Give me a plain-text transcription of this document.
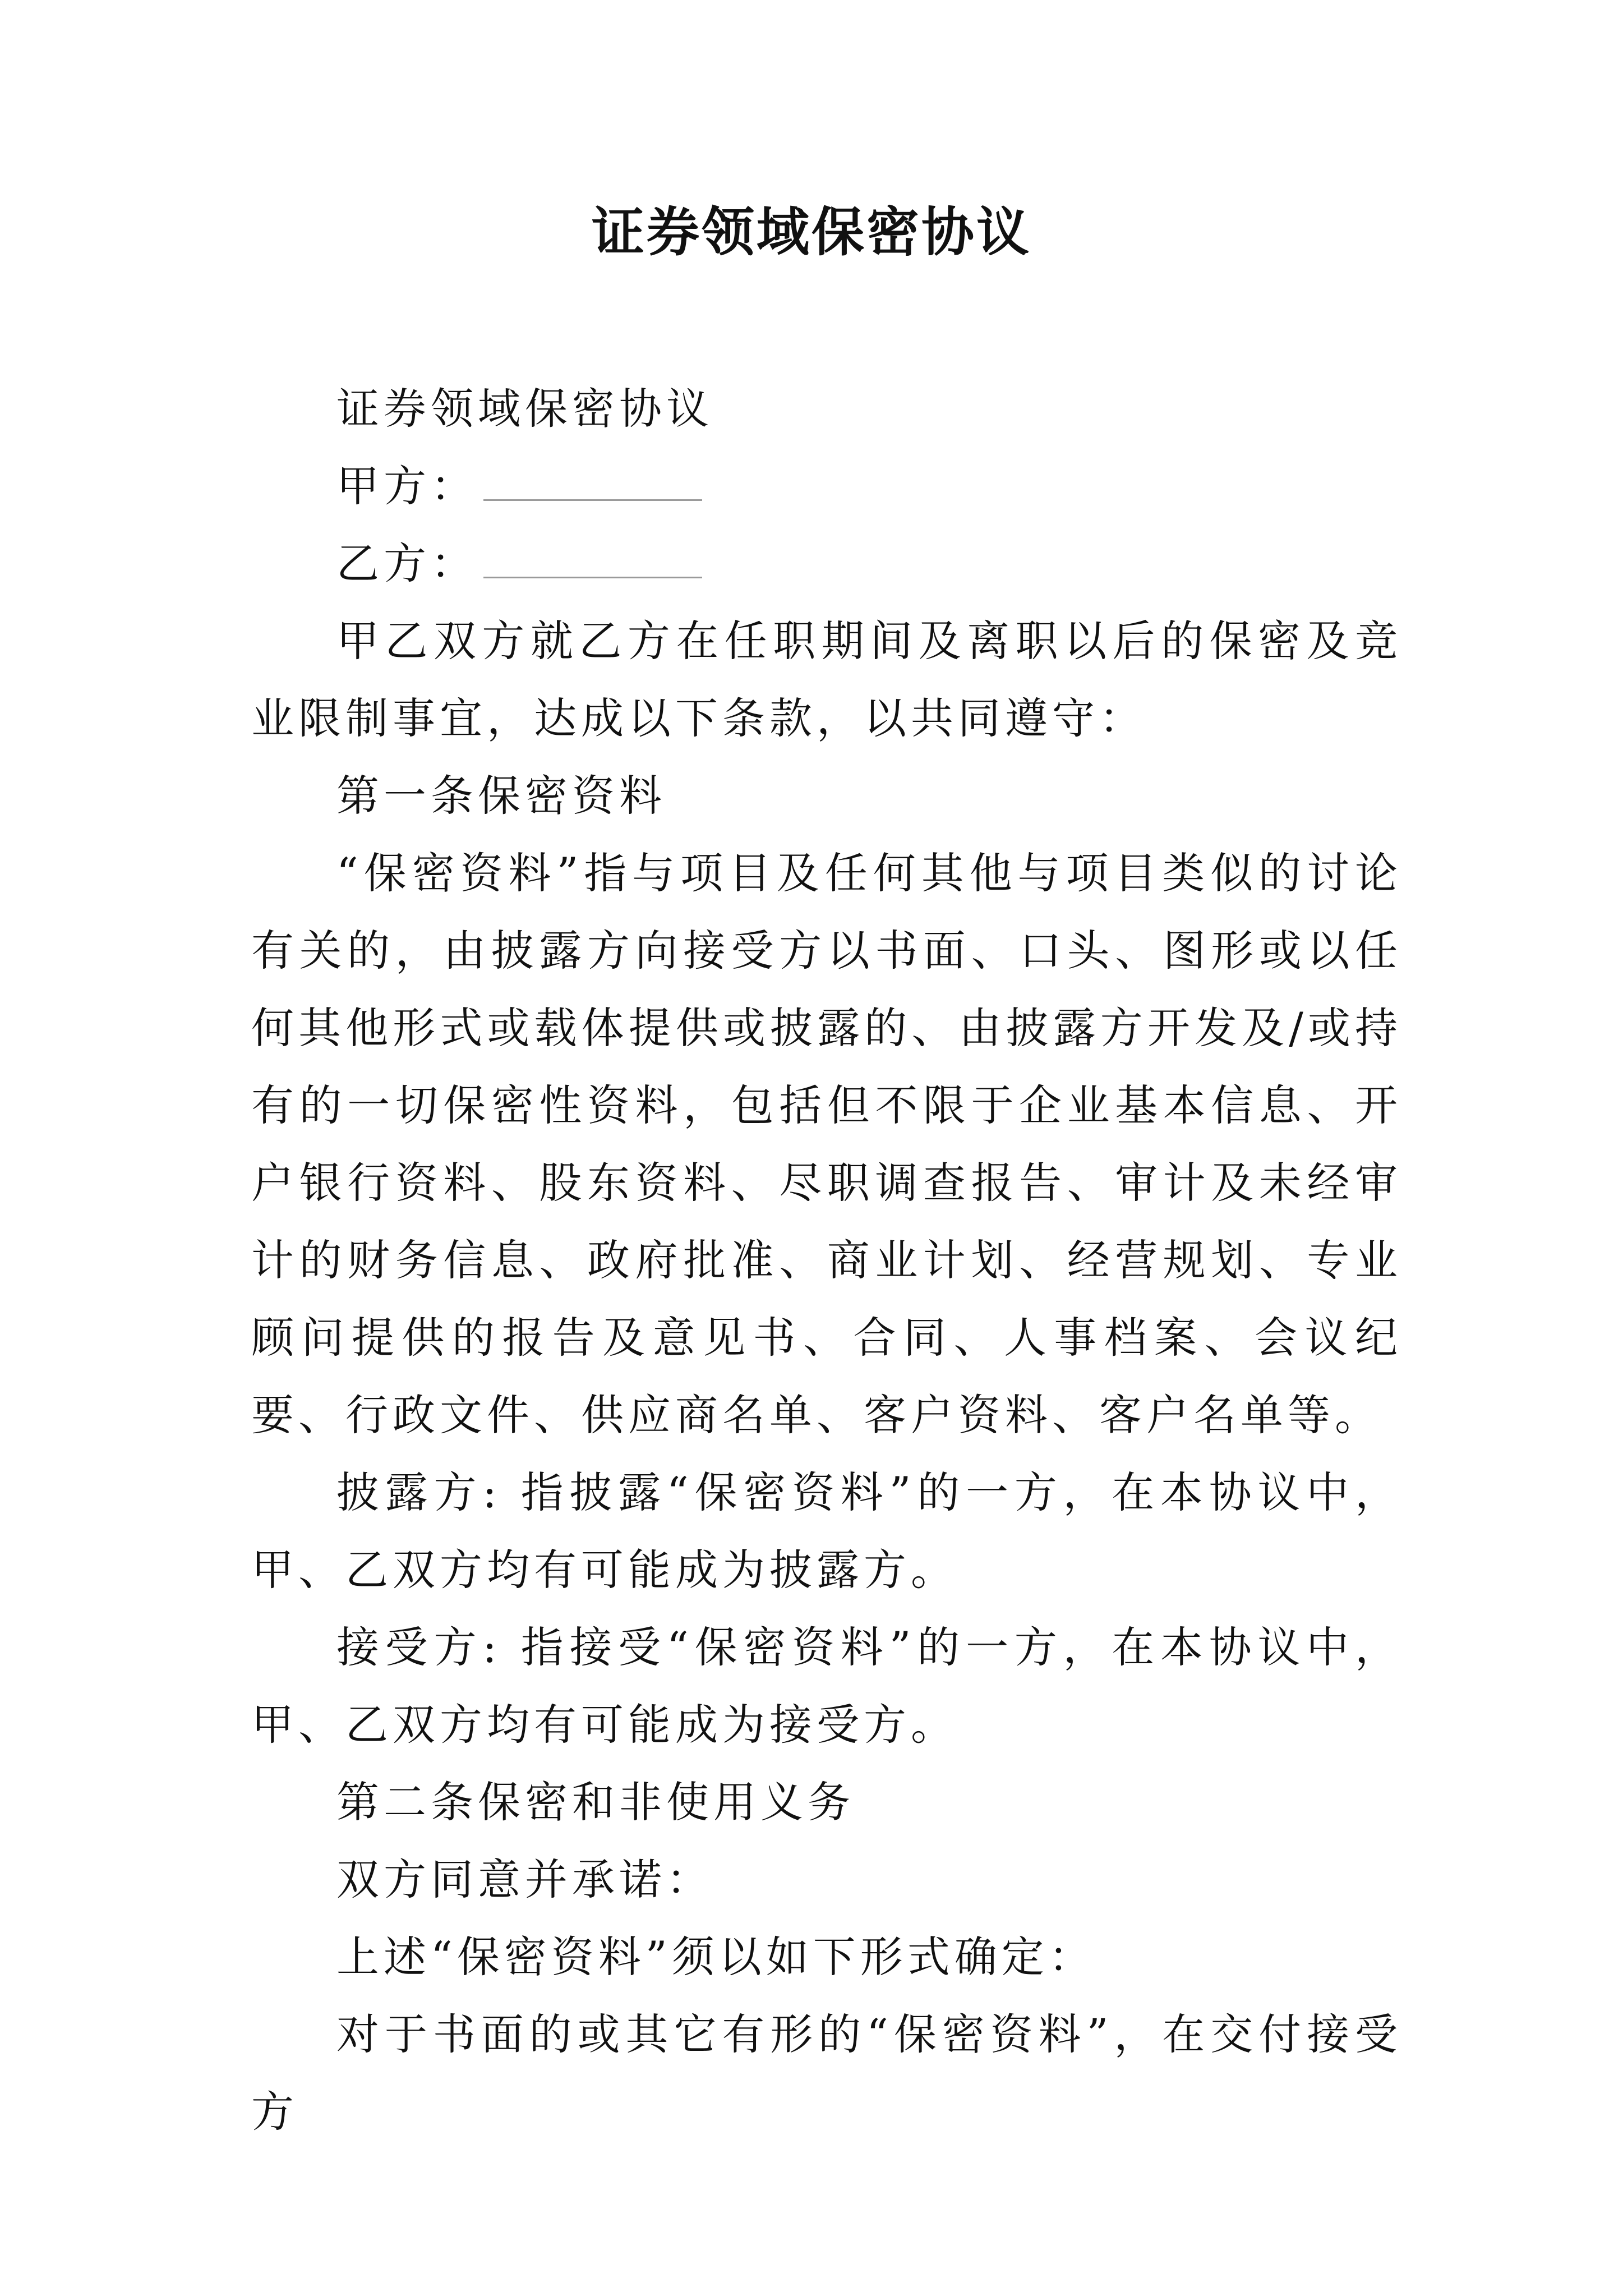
证券领域保密协议

证券领域保密协议

甲方：

乙方：

甲乙双方就乙方在任职期间及离职以后的保密及竞业限制事宜，达成以下条款，以共同遵守：

第一条保密资料

“保密资料”指与项目及任何其他与项目类似的讨论有关的，由披露方向接受方以书面、口头、图形或以任何其他形式或载体提供或披露的、由披露方开发及/或持有的一切保密性资料，包括但不限于企业基本信息、开户银行资料、股东资料、尽职调查报告、审计及未经审计的财务信息、政府批准、商业计划、经营规划、专业顾问提供的报告及意见书、合同、人事档案、会议纪要、行政文件、供应商名单、客户资料、客户名单等。

披露方: 指披露“保密资料”的一方，在本协议中，甲、乙双方均有可能成为披露方。

接受方: 指接受“保密资料”的一方，在本协议中，甲、乙双方均有可能成为接受方。

第二条保密和非使用义务

双方同意并承诺：

上述“保密资料”须以如下形式确定：

对于书面的或其它有形的“保密资料”，在交付接受方
